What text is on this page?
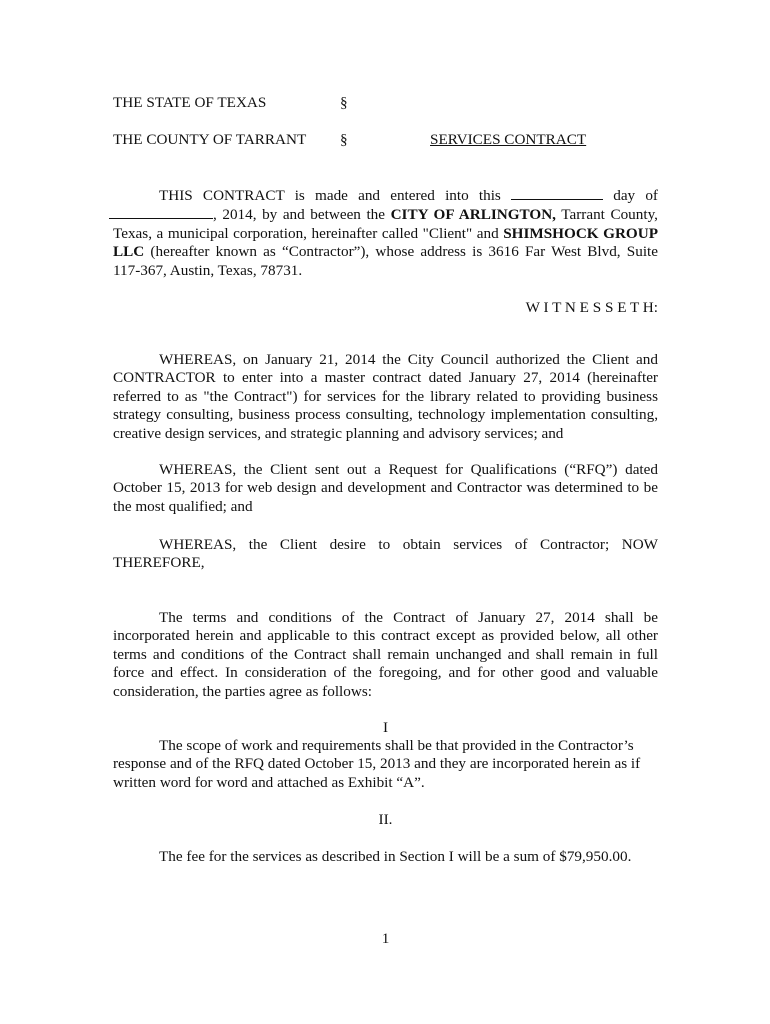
THE STATE OF TEXAS	§
THE COUNTY OF TARRANT §	SERVICES CONTRACT
THIS CONTRACT is made and entered into this	day of , 2014, by and between the CITY OF ARLINGTON, Tarrant County, Texas, a municipal corporation, hereinafter called "Client" and SHIMSHOCK GROUP LLC (hereafter known as “Contractor”), whose address is 3616 Far West Blvd, Suite 117-367, Austin, Texas, 78731.
W I T N E S S E T H:
WHEREAS, on January 21, 2014 the City Council authorized the Client and CONTRACTOR to enter into a master contract dated January 27, 2014 (hereinafter referred to as "the Contract") for services for the library related to providing business strategy consulting, business process consulting, technology implementation consulting, creative design services, and strategic planning and advisory services; and
WHEREAS, the Client sent out a Request for Qualifications (“RFQ”) dated October 15, 2013 for web design and development and Contractor was determined to be the most qualified; and
WHEREAS, the Client desire to obtain services of Contractor; NOW THEREFORE,
The terms and conditions of the Contract of January 27, 2014 shall be incorporated herein and applicable to this contract except as provided below, all other terms and conditions of the Contract shall remain unchanged and shall remain in full force and effect. In consideration of the foregoing, and for other good and valuable consideration, the parties agree as follows:
I
The scope of work and requirements shall be that provided in the Contractor’s response and of the RFQ dated October 15, 2013 and they are incorporated herein as if written word for word and attached as Exhibit “A”.
II.
The fee for the services as described in Section I will be a sum of $79,950.00.
1
